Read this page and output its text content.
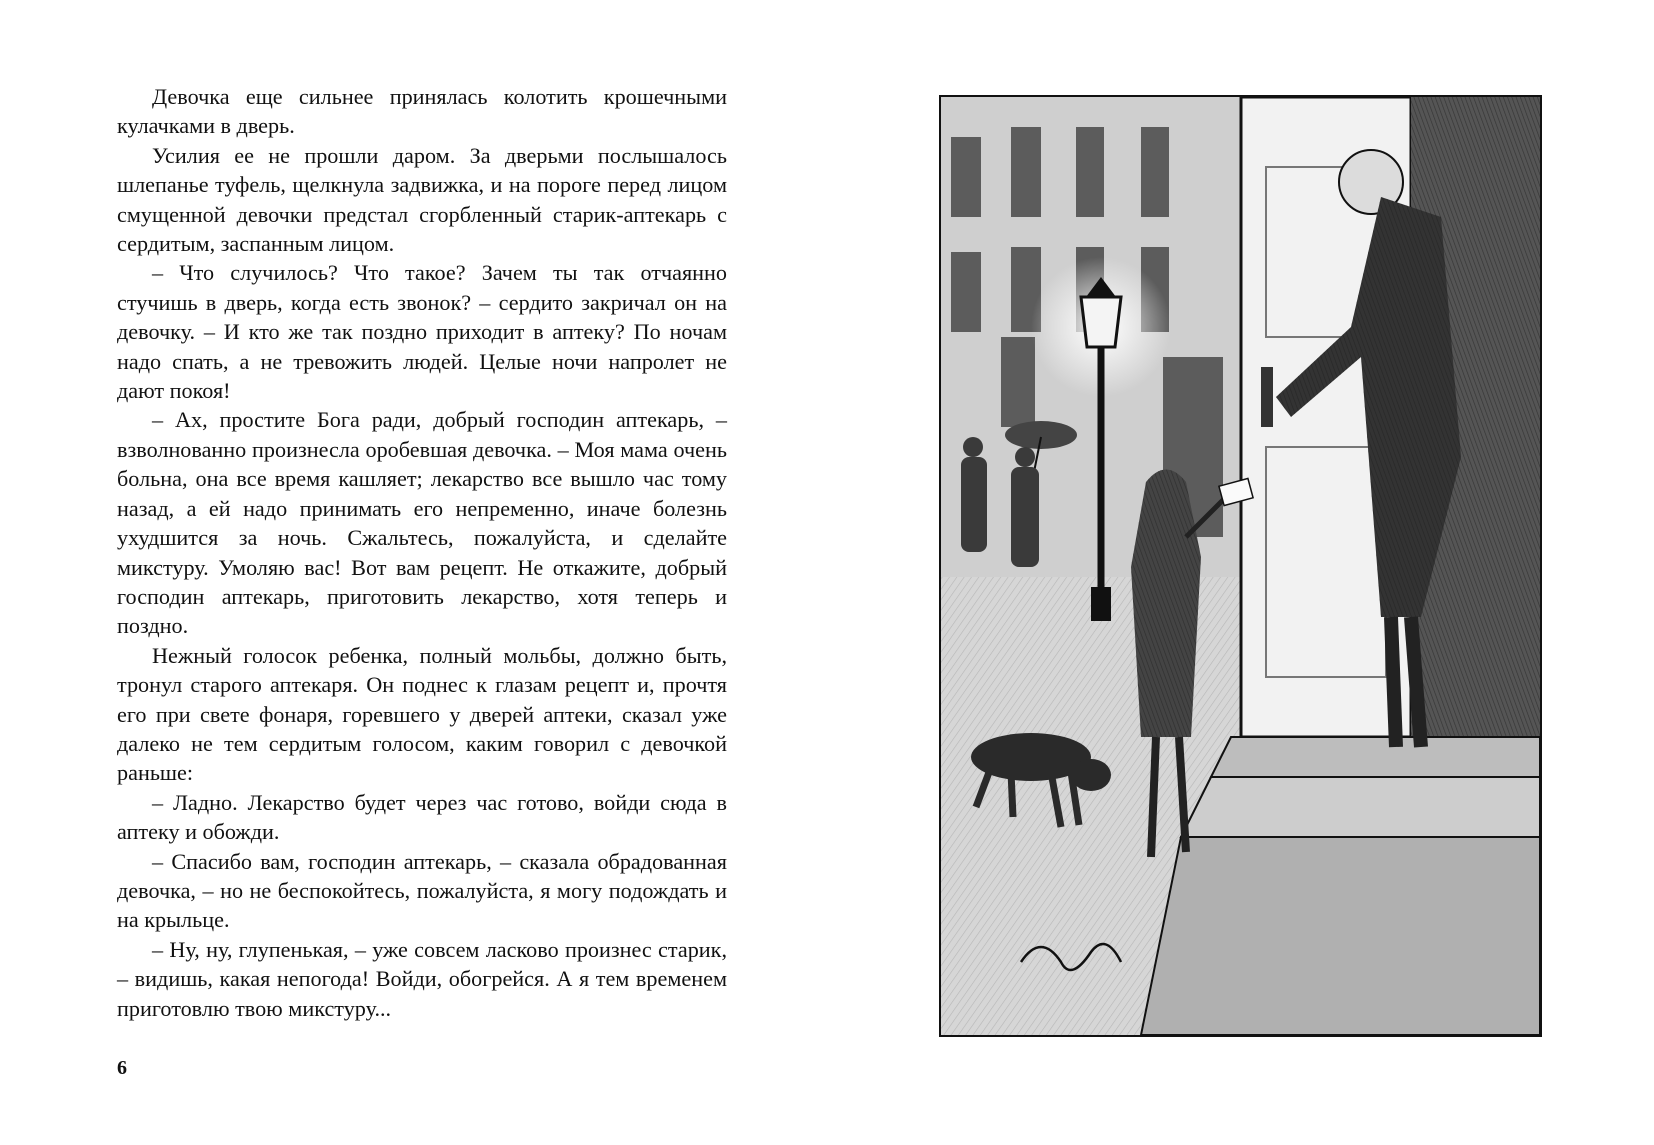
Девочка еще сильнее принялась колотить крошечными кулачками в дверь.

Усилия ее не прошли даром. За дверьми послышалось шлепанье туфель, щелкнула задвижка, и на пороге перед лицом смущенной девочки предстал сгорбленный старик-аптекарь с сердитым, заспанным лицом.

– Что случилось? Что такое? Зачем ты так отчаянно стучишь в дверь, когда есть звонок? – сердито закричал он на девочку. – И кто же так поздно приходит в аптеку? По ночам надо спать, а не тревожить людей. Целые ночи напролет не дают покоя!

– Ах, простите Бога ради, добрый господин аптекарь, – взволнованно произнесла оробевшая девочка. – Моя мама очень больна, она все время кашляет; лекарство все вышло час тому назад, а ей надо принимать его непременно, иначе болезнь ухудшится за ночь. Сжальтесь, пожалуйста, и сделайте микстуру. Умоляю вас! Вот вам рецепт. Не откажите, добрый господин аптекарь, приготовить лекарство, хотя теперь и поздно.

Нежный голосок ребенка, полный мольбы, должно быть, тронул старого аптекаря. Он поднес к глазам рецепт и, прочтя его при свете фонаря, горевшего у дверей аптеки, сказал уже далеко не тем сердитым голосом, каким говорил с девочкой раньше:

– Ладно. Лекарство будет через час готово, войди сюда в аптеку и обожди.

– Спасибо вам, господин аптекарь, – сказала обрадованная девочка, – но не беспокойтесь, пожалуйста, я могу подождать и на крыльце.

– Ну, ну, глупенькая, – уже совсем ласково произнес старик, – видишь, какая непогода! Войди, обогрейся. А я тем временем приготовлю твою микстуру...

6
